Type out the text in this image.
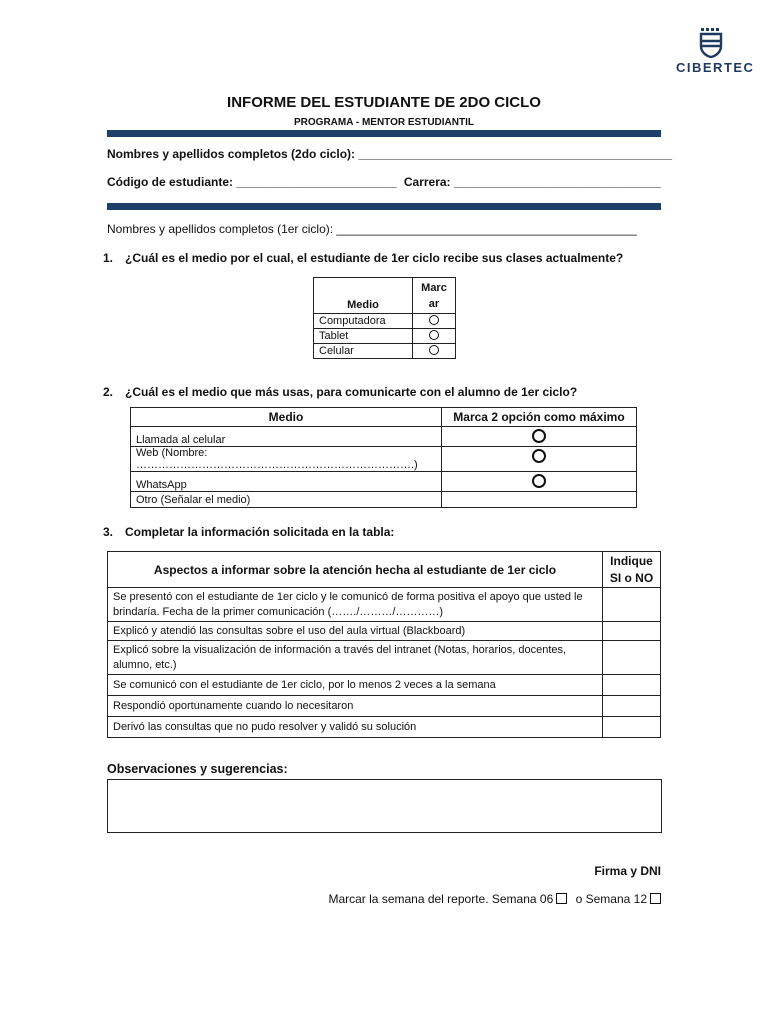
CIBERTEC
INFORME DEL ESTUDIANTE DE 2DO CICLO
PROGRAMA - MENTOR ESTUDIANTIL
Nombres y apellidos completos (2do ciclo): _______________________________________________
Código de estudiante: ________________________ Carrera: _______________________________
Nombres y apellidos completos (1er ciclo): _____________________________________________
1. ¿Cuál es el medio por el cual, el estudiante de 1er ciclo recibe sus clases actualmente?
Medio	Marc
ar
Computadora	
Tablet	
Celular	
2. ¿Cuál es el medio que más usas, para comunicarte con el alumno de 1er ciclo?
Medio	Marca 2 opción como máximo
Llamada al celular	
Web (Nombre: ………………………………………………………………….)	
WhatsApp	
Otro (Señalar el medio)	
3. Completar la información solicitada en la tabla:
Aspectos a informar sobre la atención hecha al estudiante de 1er ciclo	Indique
SI o NO
Se presentó con el estudiante de 1er ciclo y le comunicó de forma positiva el apoyo que usted le brindaría. Fecha de la primer comunicación (……./………/…………)	
Explicó y atendió las consultas sobre el uso del aula virtual (Blackboard)	
Explicó sobre la visualización de información a través del intranet (Notas, horarios, docentes, alumno, etc.)	
Se comunicó con el estudiante de 1er ciclo, por lo menos 2 veces a la semana	
Respondió oportunamente cuando lo necesitaron	
Derivó las consultas que no pudo resolver y validó su solución	
Observaciones y sugerencias:
Firma y DNI
Marcar la semana del reporte. Semana 06 o Semana 12
